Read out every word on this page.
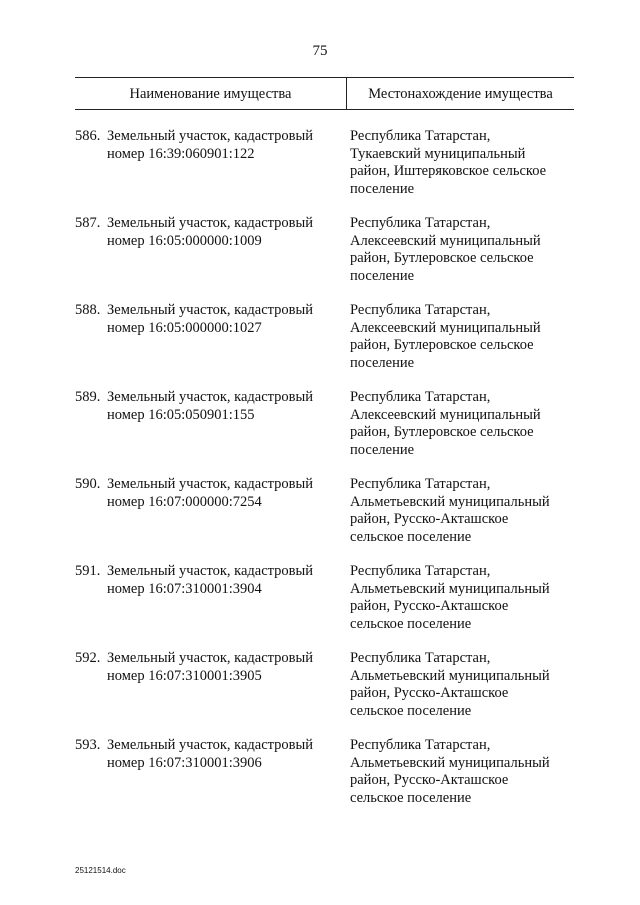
75
Наименование имущества	Местонахождение имущества
586. Земельный участок, кадастровый
номер 16:39:060901:122
Республика Татарстан,
Тукаевский муниципальный
район, Иштеряковское сельское
поселение
587. Земельный участок, кадастровый
номер 16:05:000000:1009
Республика Татарстан,
Алексеевский муниципальный
район, Бутлеровское сельское
поселение
588. Земельный участок, кадастровый
номер 16:05:000000:1027
Республика Татарстан,
Алексеевский муниципальный
район, Бутлеровское сельское
поселение
589. Земельный участок, кадастровый
номер 16:05:050901:155
Республика Татарстан,
Алексеевский муниципальный
район, Бутлеровское сельское
поселение
590. Земельный участок, кадастровый
номер 16:07:000000:7254
Республика Татарстан,
Альметьевский муниципальный
район, Русско-Акташское
сельское поселение
591. Земельный участок, кадастровый
номер 16:07:310001:3904
Республика Татарстан,
Альметьевский муниципальный
район, Русско-Акташское
сельское поселение
592. Земельный участок, кадастровый
номер 16:07:310001:3905
Республика Татарстан,
Альметьевский муниципальный
район, Русско-Акташское
сельское поселение
593. Земельный участок, кадастровый
номер 16:07:310001:3906
Республика Татарстан,
Альметьевский муниципальный
район, Русско-Акташское
сельское поселение
25121514.doc
